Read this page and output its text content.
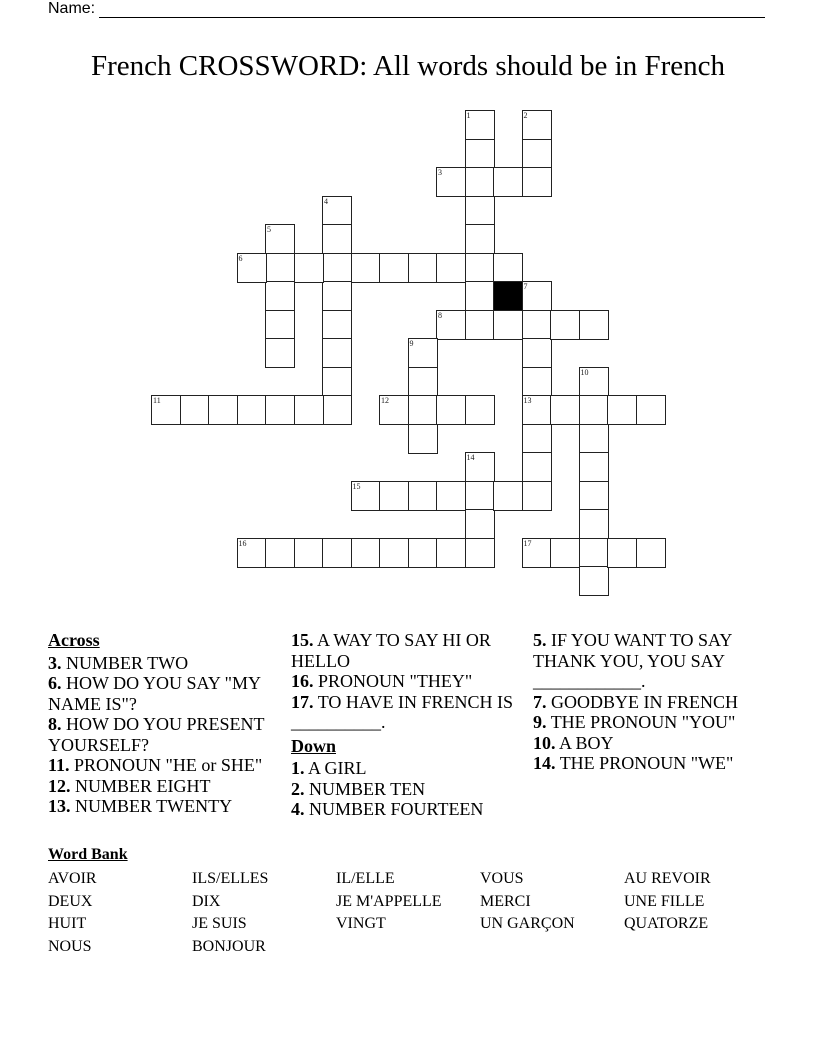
Name:
French CROSSWORD: All words should be in French
1	2
3
4
5
6
7
13
8
9
10
11	12
14
15
16	17
Across

3. NUMBER TWO

6. HOW DO YOU SAY "MY NAME IS"?

8. HOW DO YOU PRESENT YOURSELF?

11. PRONOUN "HE or SHE"

12. NUMBER EIGHT

13. NUMBER TWENTY

15. A WAY TO SAY HI OR HELLO

16. PRONOUN "THEY"

17. TO HAVE IN FRENCH IS __________.

Down

1. A GIRL

2. NUMBER TEN

4. NUMBER FOURTEEN

5. IF YOU WANT TO SAY THANK YOU, YOU SAY ____________.

7. GOODBYE IN FRENCH

9. THE PRONOUN "YOU"

10. A BOY

14. THE PRONOUN "WE"

Word Bank
AVOIR	ILS/ELLES	IL/ELLE	VOUS	AU REVOIR
DEUX	DIX	JE M'APPELLE	MERCI	UNE FILLE
HUIT	JE SUIS	VINGT	UN GARÇON	QUATORZE
NOUS	BONJOUR
